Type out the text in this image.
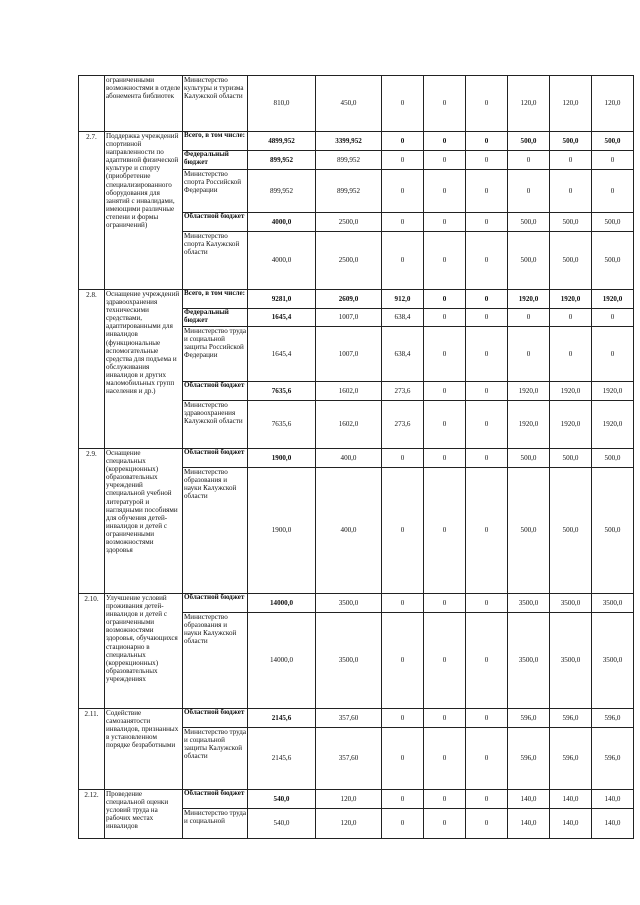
	ограниченными возможностями в отделе абонемента библиотек	Министерство культуры и туризма Калужской области	810,0	450,0	0	0	0	120,0	120,0	120,0
2.7.	Поддержка учреждений спортивной направленности по адаптивной физической культуре и спорту (приобретение специализированного оборудования для занятий с инвалидами, имеющими различные степени и формы ограничений)	Всего, в том числе:	4899,952	3399,952	0	0	0	500,0	500,0	500,0
		Федеральный бюджет	899,952	899,952	0	0	0	0	0	0
		Министерство спорта Российской Федерации	899,952	899,952	0	0	0	0	0	0
		Областной бюджет	4000,0	2500,0	0	0	0	500,0	500,0	500,0
		Министерство спорта Калужской области	4000,0	2500,0	0	0	0	500,0	500,0	500,0
2.8.	Оснащение учреждений здравоохранения техническими средствами, адаптированными для инвалидов (функциональные вспомогательные средства для подъема и обслуживания инвалидов и других маломобильных групп населения и др.)	Всего, в том числе:	9281,0	2609,0	912,0	0	0	1920,0	1920,0	1920,0
		Федеральный бюджет	1645,4	1007,0	638,4	0	0	0	0	0
		Министерство труда и социальной защиты Российской Федерации	1645,4	1007,0	638,4	0	0	0	0	0
		Областной бюджет	7635,6	1602,0	273,6	0	0	1920,0	1920,0	1920,0
		Министерство здравоохранения Калужской области	7635,6	1602,0	273,6	0	0	1920,0	1920,0	1920,0
2.9.	Оснащение специальных (коррекционных) образовательных учреждений специальной учебной литературой и наглядными пособиями для обучения детей-инвалидов и детей с ограниченными возможностями здоровья	Областной бюджет	1900,0	400,0	0	0	0	500,0	500,0	500,0
		Министерство образования и науки Калужской области	1900,0	400,0	0	0	0	500,0	500,0	500,0
2.10.	Улучшение условий проживания детей-инвалидов и детей с ограниченными возможностями здоровья, обучающихся стационарно в специальных (коррекционных) образовательных учреждениях	Областной бюджет	14000,0	3500,0	0	0	0	3500,0	3500,0	3500,0
		Министерство образования и науки Калужской области	14000,0	3500,0	0	0	0	3500,0	3500,0	3500,0
2.11.	Содействие самозанятости инвалидов, признанных в установленном порядке безработными	Областной бюджет	2145,6	357,60	0	0	0	596,0	596,0	596,0
		Министерство труда и социальной защиты Калужской области	2145,6	357,60	0	0	0	596,0	596,0	596,0
2.12.	Проведение специальной оценки условий труда на рабочих местах инвалидов	Областной бюджет	540,0	120,0	0	0	0	140,0	140,0	140,0
		Министерство труда и социальной	540,0	120,0	0	0	0	140,0	140,0	140,0
